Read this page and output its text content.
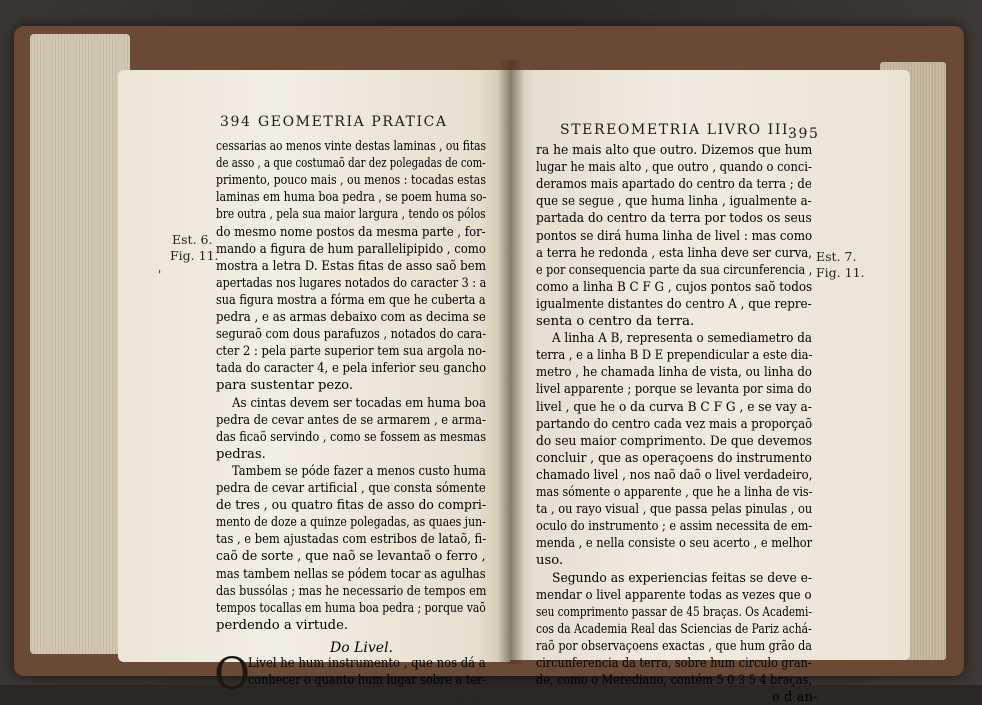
394 GEOMETRIA PRATICA
cessarias ao menos vinte destas laminas , ou fitas
de asso , a que costumaõ dar dez polegadas de com-
primento, pouco mais , ou menos : tocadas estas
laminas em huma boa pedra , se poem huma so-
bre outra , pela sua maior largura , tendo os pólos
do mesmo nome postos da mesma parte , for-
mando a figura de hum parallelipipido , como
mostra a letra D. Estas fitas de asso saõ bem
apertadas nos lugares notados do caracter 3 : a
sua figura mostra a fórma em que he cuberta a
pedra , e as armas debaixo com as decima se
seguraõ com dous parafuzos , notados do cara-
cter 2 : pela parte superior tem sua argola no-
tada do caracter 4, e pela inferior seu gancho
para sustentar pezo.
As cintas devem ser tocadas em huma boa
pedra de cevar antes de se armarem , e arma-
das ficaõ servindo , como se fossem as mesmas
pedras.
Tambem se póde fazer a menos custo huma
pedra de cevar artificial , que consta sómente
de tres , ou quatro fitas de asso do compri-
mento de doze a quinze polegadas, as quaes jun-
tas , e bem ajustadas com estribos de lataõ, fi-
caõ de sorte , que naõ se levantaõ o ferro ,
mas tambem nellas se pódem tocar as agulhas
das bussólas ; mas he necessario de tempos em
tempos tocallas em huma boa pedra ; porque vaõ
perdendo a virtude.
Do Livel.
O
Livel he hum instrumento , que nos dá a
conhecer o quanto hum lugar sobre a ter-
ra he
Est. 6.
Fig. 11.
ꞌ
STEREOMETRIA LIVRO III.
395
ra he mais alto que outro. Dizemos que hum
lugar he mais alto , que outro , quando o conci-
deramos mais apartado do centro da terra ; de
que se segue , que huma linha , igualmente a-
partada do centro da terra por todos os seus
pontos se dirá huma linha de livel : mas como
a terra he redonda , esta linha deve ser curva,
e por consequencia parte da sua circunferencia ,
como a linha B C F G , cujos pontos saõ todos
igualmente distantes do centro A , que repre-
senta o centro da terra.
A linha A B, representa o semediametro da
terra , e a linha B D E prependicular a este dia-
metro , he chamada linha de vista, ou linha do
livel apparente ; porque se levanta por sima do
livel , que he o da curva B C F G , e se vay a-
partando do centro cada vez mais a proporçaõ
do seu maior comprimento. De que devemos
concluir , que as operaçoens do instrumento
chamado livel , nos naõ daõ o livel verdadeiro,
mas sómente o apparente , que he a linha de vis-
ta , ou rayo visual , que passa pelas pinulas , ou
oculo do instrumento ; e assim necessita de em-
menda , e nella consiste o seu acerto , e melhor
uso.
Segundo as experiencias feitas se deve e-
mendar o livel apparente todas as vezes que o
seu comprimento passar de 45 braças. Os Academi-
cos da Academia Real das Sciencias de Pariz achá-
raõ por observaçoens exactas , que hum grão da
circunferencia da terra, sobre hum circulo gran-
de, como o Merediano, contém 5 0 3 5 4 braças,
e d an-
Est. 7.
Fig. 11.
